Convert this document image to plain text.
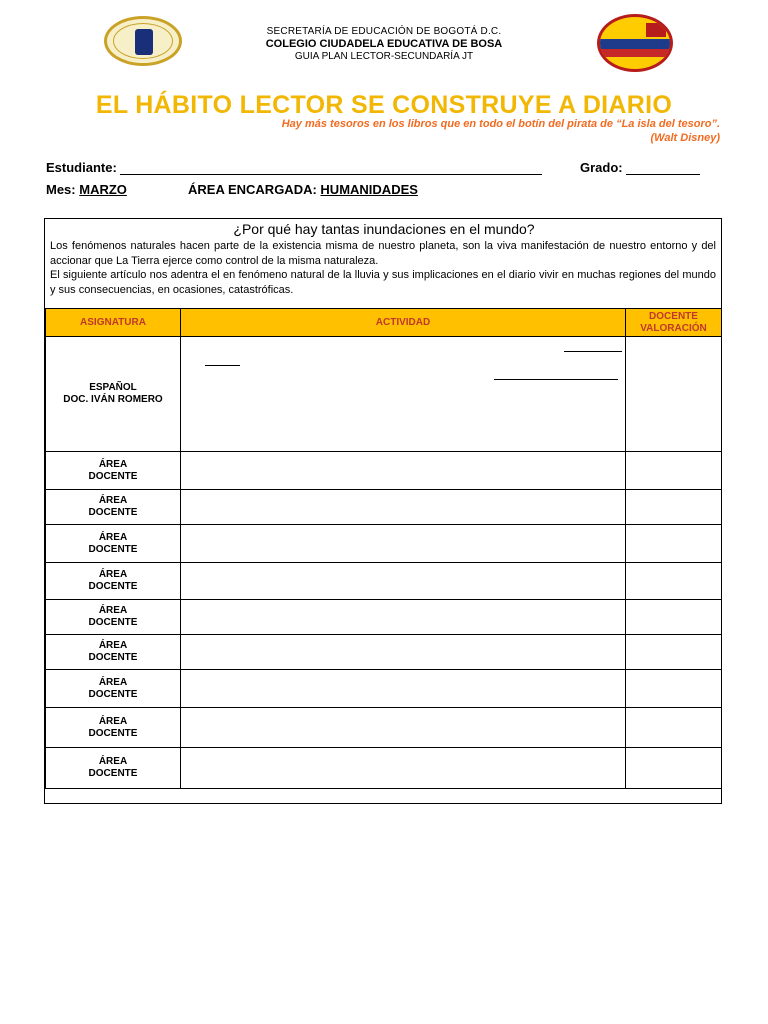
SECRETARÍA DE EDUCACIÓN DE BOGOTÁ D.C.
COLEGIO CIUDADELA EDUCATIVA DE BOSA
GUIA PLAN LECTOR-SECUNDARÍA JT
EL HÁBITO LECTOR SE CONSTRUYE A DIARIO
Hay más tesoros en los libros que en todo el botín del pirata de “La isla del tesoro”.
(Walt Disney)
Estudiante:	Grado:
Mes: MARZO	ÁREA ENCARGADA: HUMANIDADES
¿Por qué hay tantas inundaciones en el mundo?
Los fenómenos naturales hacen parte de la existencia misma de nuestro planeta, son la viva manifestación de nuestro entorno y del accionar que La Tierra ejerce como control de la misma naturaleza.
El siguiente artículo nos adentra el en fenómeno natural de la lluvia y sus implicaciones en el diario vivir en muchas regiones del mundo y sus consecuencias, en ocasiones, catastróficas.
ASIGNATURA	ACTIVIDAD	DOCENTE VALORACIÓN

ESPAÑOL
DOC. IVÁN ROMERO		

ÁREA
DOCENTE		

ÁREA
DOCENTE		

ÁREA
DOCENTE		

ÁREA
DOCENTE		

ÁREA
DOCENTE		

ÁREA
DOCENTE		

ÁREA
DOCENTE		

ÁREA
DOCENTE		

ÁREA
DOCENTE		
